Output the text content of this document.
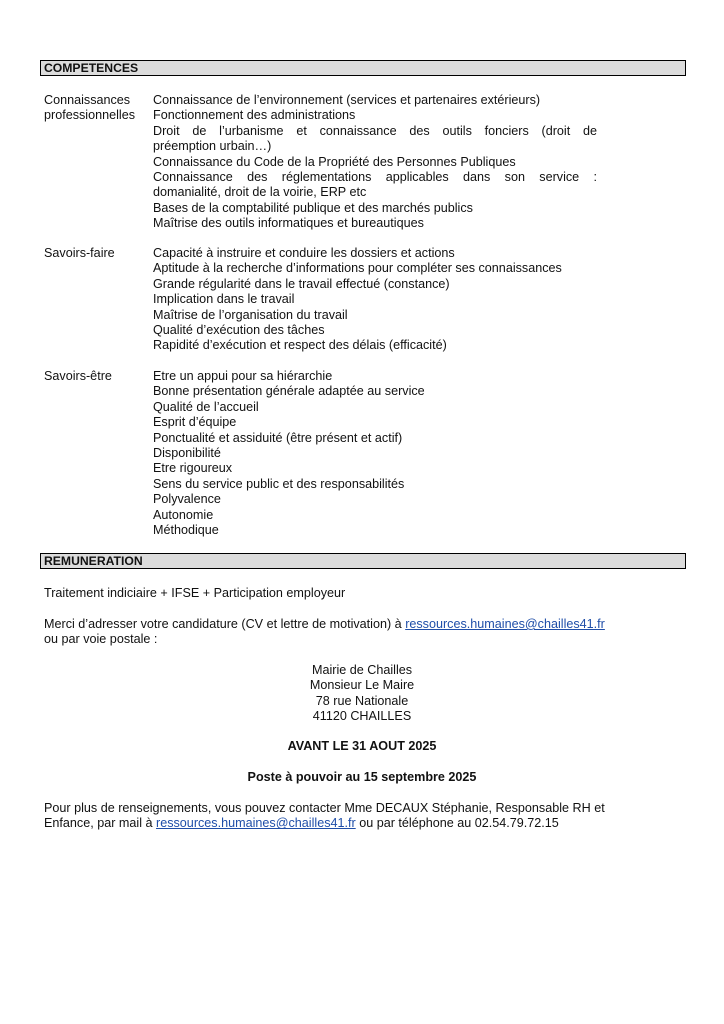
COMPETENCES
Connaissances
professionnelles
Connaissance de l’environnement (services et partenaires extérieurs)
Fonctionnement des administrations
Droit de l’urbanisme et connaissance des outils fonciers (droit de
préemption urbain…)
Connaissance du Code de la Propriété des Personnes Publiques
Connaissance des réglementations applicables dans son service :
domanialité, droit de la voirie, ERP etc
Bases de la comptabilité publique et des marchés publics
Maîtrise des outils informatiques et bureautiques
Savoirs-faire	Capacité à instruire et conduire les dossiers et actions
Aptitude à la recherche d’informations pour compléter ses connaissances
Grande régularité dans le travail effectué (constance)
Implication dans le travail
Maîtrise de l’organisation du travail
Qualité d’exécution des tâches
Rapidité d’exécution et respect des délais (efficacité)
Savoirs-être	Etre un appui pour sa hiérarchie
Bonne présentation générale adaptée au service
Qualité de l’accueil
Esprit d’équipe
Ponctualité et assiduité (être présent et actif)
Disponibilité
Etre rigoureux
Sens du service public et des responsabilités
Polyvalence
Autonomie
Méthodique
REMUNERATION
Traitement indiciaire + IFSE + Participation employeur
Merci d’adresser votre candidature (CV et lettre de motivation) à ressources.humaines@chailles41.fr
ou par voie postale :
Mairie de Chailles
Monsieur Le Maire
78 rue Nationale
41120 CHAILLES
AVANT LE 31 AOUT 2025
Poste à pouvoir au 15 septembre 2025
Pour plus de renseignements, vous pouvez contacter Mme DECAUX Stéphanie, Responsable RH et
Enfance, par mail à ressources.humaines@chailles41.fr ou par téléphone au 02.54.79.72.15
